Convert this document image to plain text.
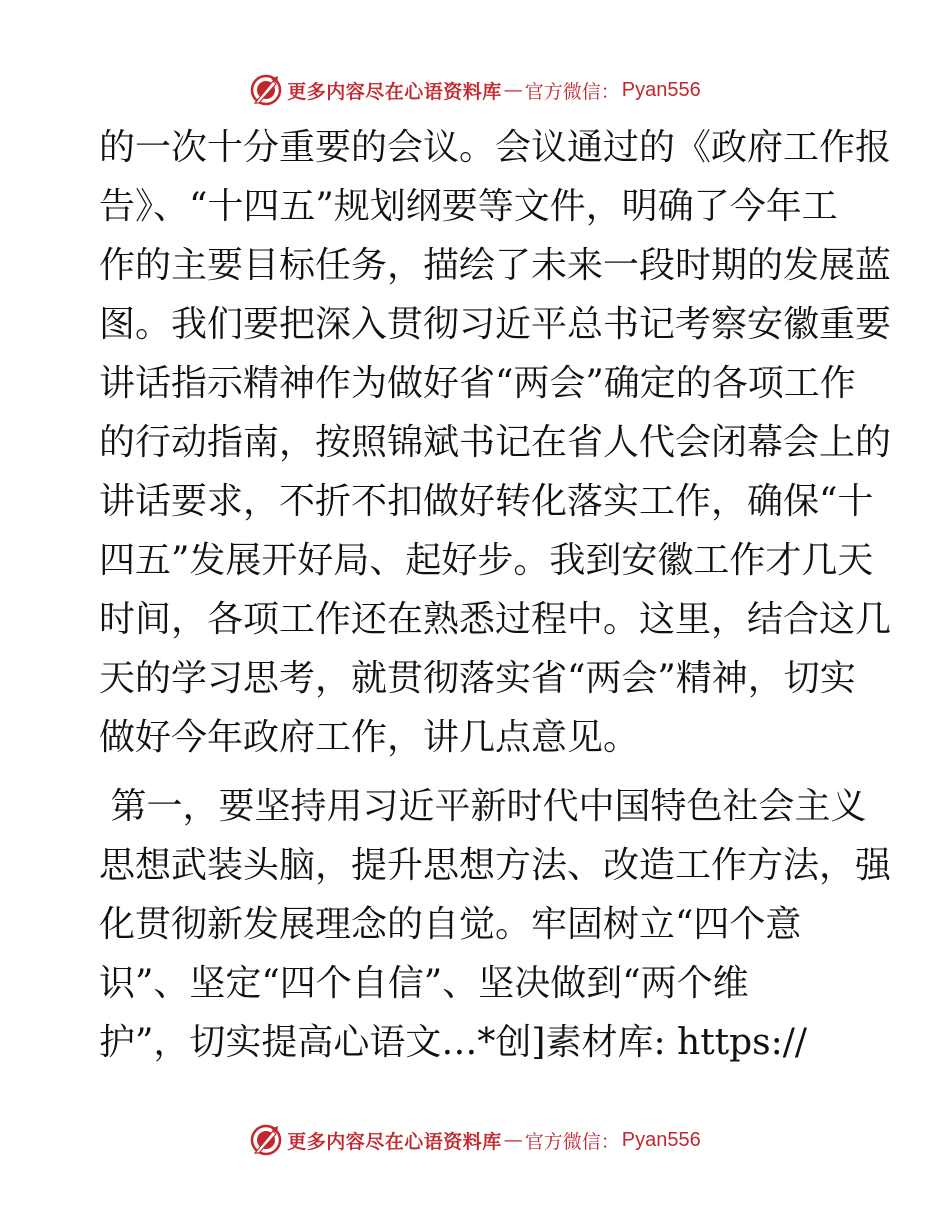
更多内容尽在心语资料库 — 官方微信： Pyan556
的一次十分重要的会议。会议通过的《政府工作报
告》、“十四五”规划纲要等文件，明确了今年工
作的主要目标任务，描绘了未来一段时期的发展蓝
图。我们要把深入贯彻习近平总书记考察安徽重要
讲话指示精神作为做好省“两会”确定的各项工作
的行动指南，按照锦斌书记在省人代会闭幕会上的
讲话要求，不折不扣做好转化落实工作，确保“十
四五”发展开好局、起好步。我到安徽工作才几天
时间，各项工作还在熟悉过程中。这里，结合这几
天的学习思考，就贯彻落实省“两会”精神，切实
做好今年政府工作，讲几点意见。
第一，要坚持用习近平新时代中国特色社会主义
思想武装头脑，提升思想方法、改造工作方法，强
化贯彻新发展理念的自觉。牢固树立“四个意
识”、坚定“四个自信”、坚决做到“两个维
护”，切实提高心语文…*创]素材库: https://
更多内容尽在心语资料库 — 官方微信： Pyan556
